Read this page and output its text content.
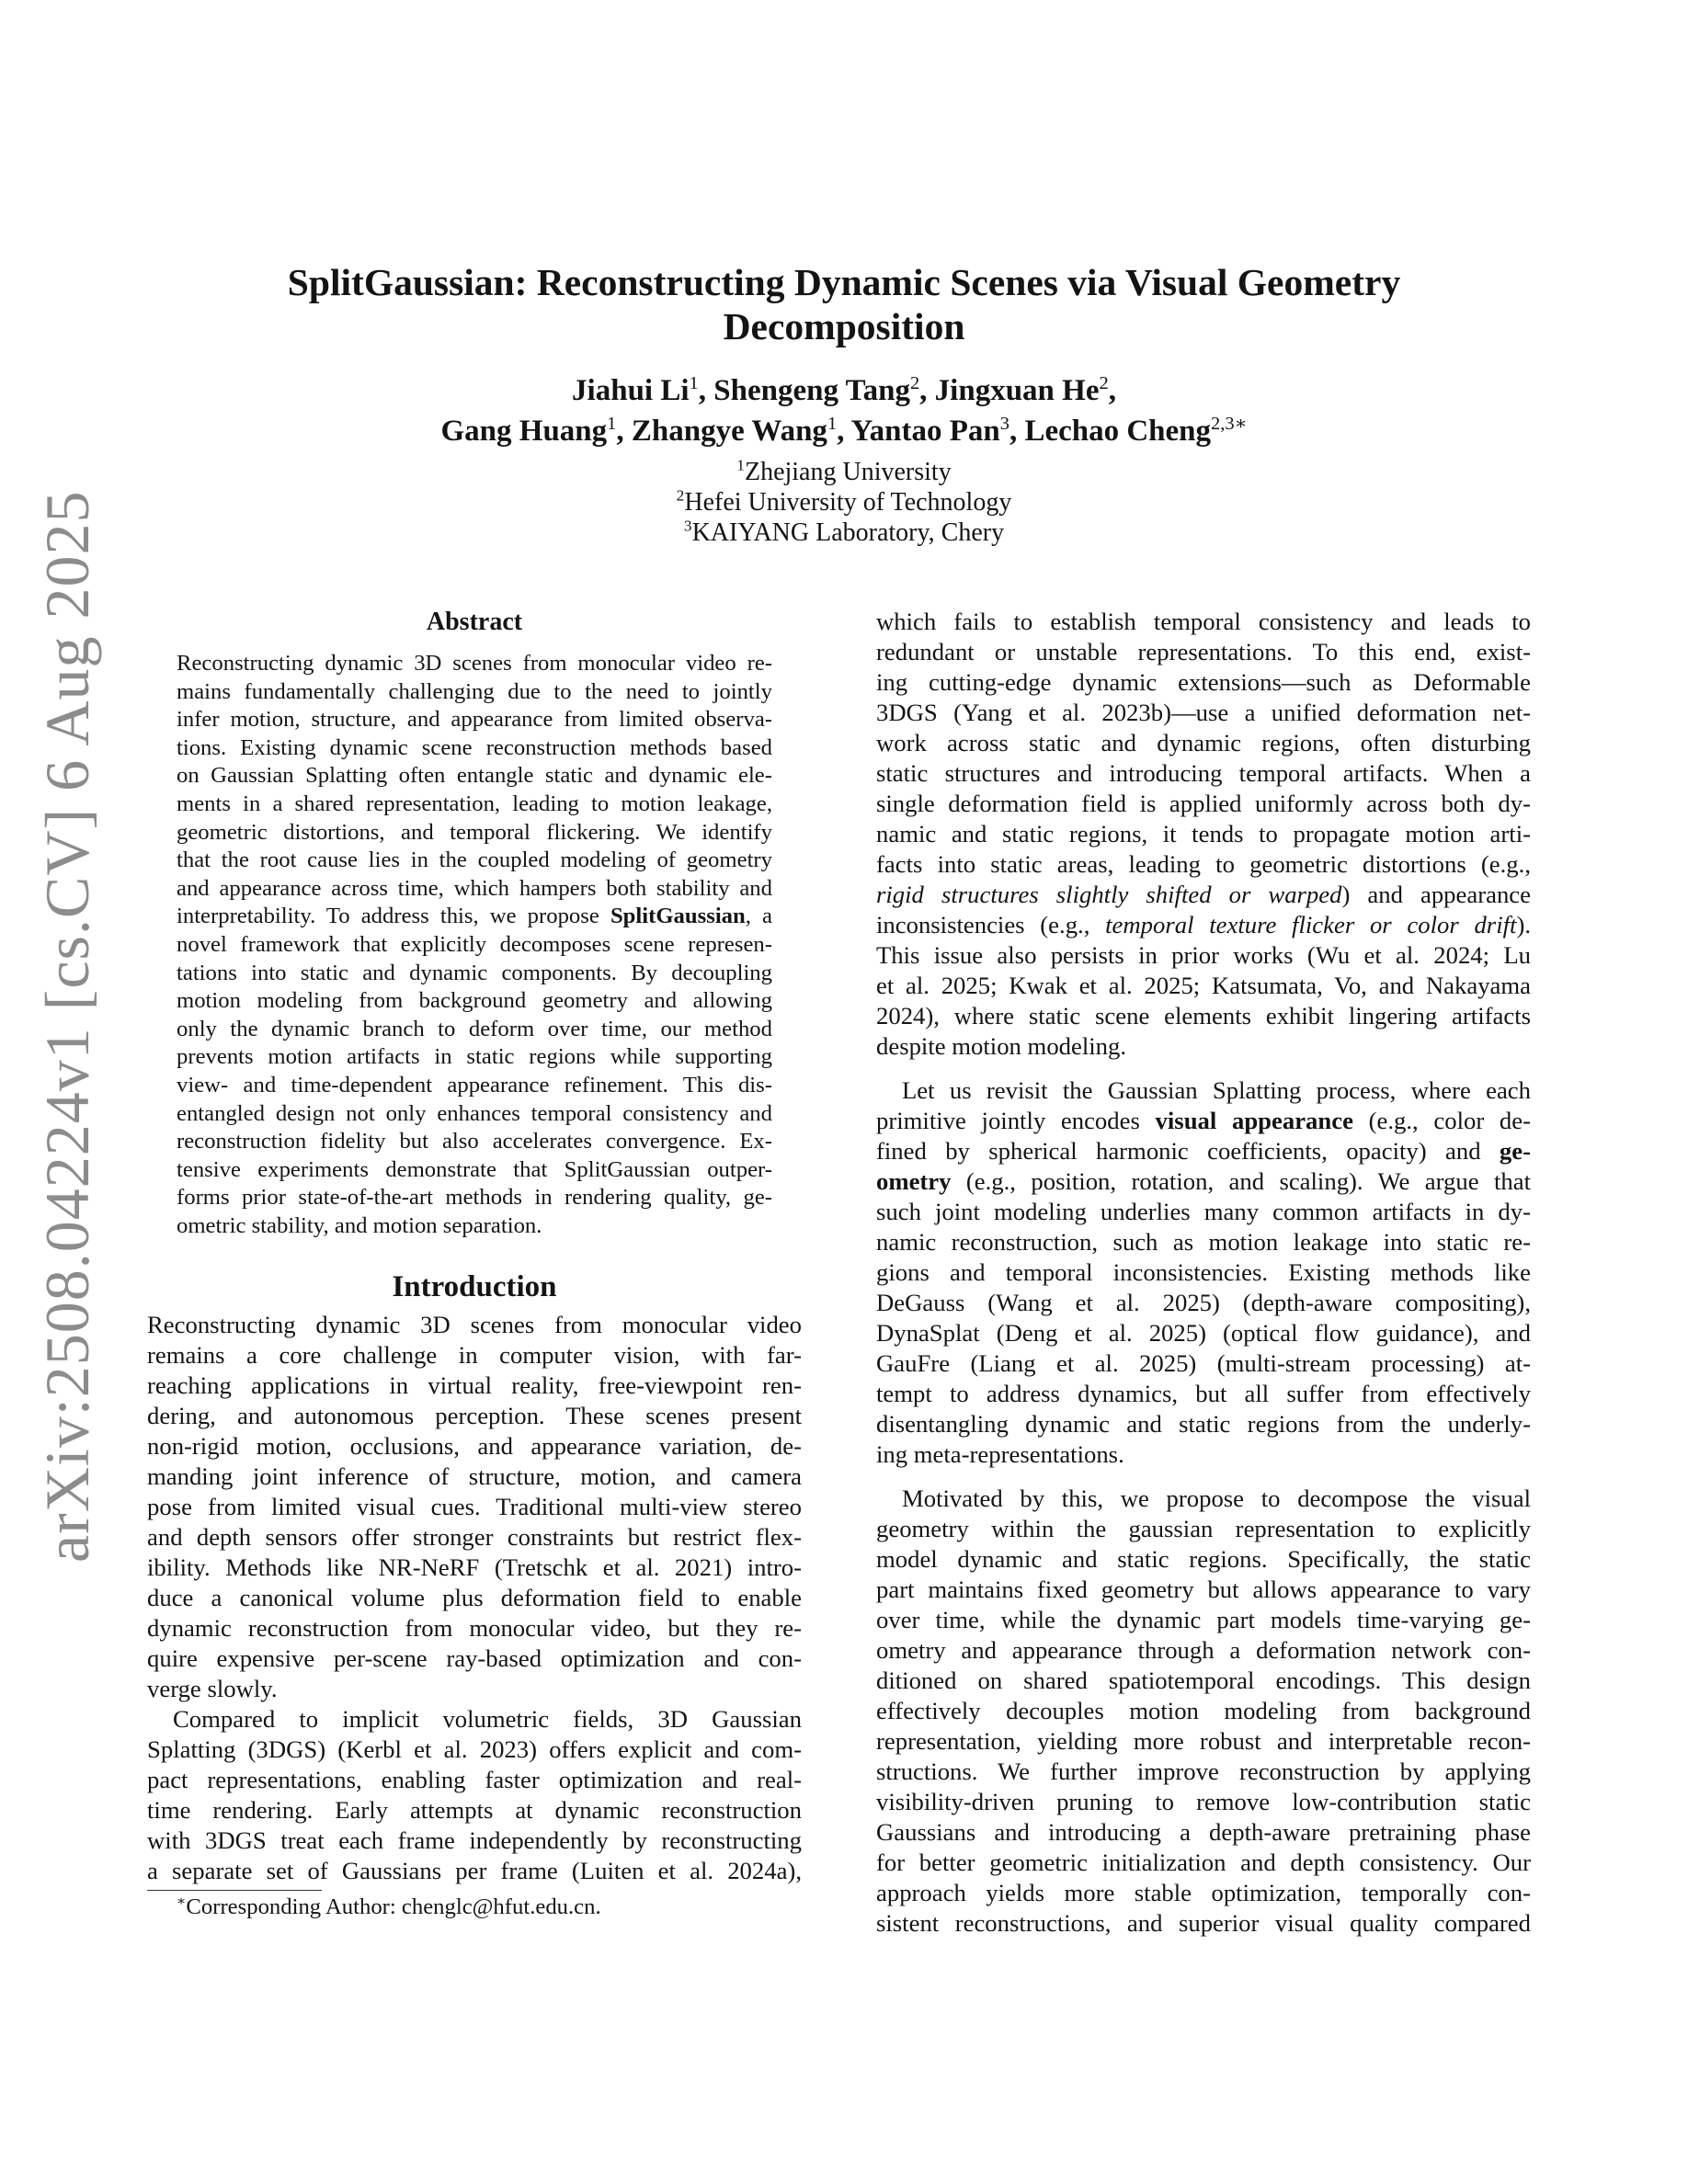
arXiv:2508.04224v1 [cs.CV] 6 Aug 2025
SplitGaussian: Reconstructing Dynamic Scenes via Visual Geometry
Decomposition
Jiahui Li$^1$, Shengeng Tang$^2$, Jingxuan He$^2$,
Gang Huang$^1$, Zhangye Wang$^1$, Yantao Pan$^3$, Lechao Cheng$^{2,3∗}$
$^1$Zhejiang University
$^2$Hefei University of Technology
$^3$KAIYANG Laboratory, Chery
Abstract
Reconstructing dynamic 3D scenes from monocular video re-
mains fundamentally challenging due to the need to jointly
infer motion, structure, and appearance from limited observa-
tions. Existing dynamic scene reconstruction methods based
on Gaussian Splatting often entangle static and dynamic ele-
ments in a shared representation, leading to motion leakage,
geometric distortions, and temporal flickering. We identify
that the root cause lies in the coupled modeling of geometry
and appearance across time, which hampers both stability and
interpretability. To address this, we propose SplitGaussian, a
novel framework that explicitly decomposes scene represen-
tations into static and dynamic components. By decoupling
motion modeling from background geometry and allowing
only the dynamic branch to deform over time, our method
prevents motion artifacts in static regions while supporting
view- and time-dependent appearance refinement. This dis-
entangled design not only enhances temporal consistency and
reconstruction fidelity but also accelerates convergence. Ex-
tensive experiments demonstrate that SplitGaussian outper-
forms prior state-of-the-art methods in rendering quality, ge-
ometric stability, and motion separation.
Introduction
Reconstructing dynamic 3D scenes from monocular video
remains a core challenge in computer vision, with far-
reaching applications in virtual reality, free-viewpoint ren-
dering, and autonomous perception. These scenes present
non-rigid motion, occlusions, and appearance variation, de-
manding joint inference of structure, motion, and camera
pose from limited visual cues. Traditional multi-view stereo
and depth sensors offer stronger constraints but restrict flex-
ibility. Methods like NR-NeRF (Tretschk et al. 2021) intro-
duce a canonical volume plus deformation field to enable
dynamic reconstruction from monocular video, but they re-
quire expensive per-scene ray-based optimization and con-
verge slowly.
Compared to implicit volumetric fields, 3D Gaussian
Splatting (3DGS) (Kerbl et al. 2023) offers explicit and com-
pact representations, enabling faster optimization and real-
time rendering. Early attempts at dynamic reconstruction
with 3DGS treat each frame independently by reconstructing
a separate set of Gaussians per frame (Luiten et al. 2024a),
∗Corresponding Author: chenglc@hfut.edu.cn.

which fails to establish temporal consistency and leads to
redundant or unstable representations. To this end, exist-
ing cutting-edge dynamic extensions—such as Deformable
3DGS (Yang et al. 2023b)—use a unified deformation net-
work across static and dynamic regions, often disturbing
static structures and introducing temporal artifacts. When a
single deformation field is applied uniformly across both dy-
namic and static regions, it tends to propagate motion arti-
facts into static areas, leading to geometric distortions (e.g.,
rigid structures slightly shifted or warped) and appearance
inconsistencies (e.g., temporal texture flicker or color drift).
This issue also persists in prior works (Wu et al. 2024; Lu
et al. 2025; Kwak et al. 2025; Katsumata, Vo, and Nakayama
2024), where static scene elements exhibit lingering artifacts
despite motion modeling.

Let us revisit the Gaussian Splatting process, where each
primitive jointly encodes visual appearance (e.g., color de-
fined by spherical harmonic coefficients, opacity) and ge-
ometry (e.g., position, rotation, and scaling). We argue that
such joint modeling underlies many common artifacts in dy-
namic reconstruction, such as motion leakage into static re-
gions and temporal inconsistencies. Existing methods like
DeGauss (Wang et al. 2025) (depth-aware compositing),
DynaSplat (Deng et al. 2025) (optical flow guidance), and
GauFre (Liang et al. 2025) (multi-stream processing) at-
tempt to address dynamics, but all suffer from effectively
disentangling dynamic and static regions from the underly-
ing meta-representations.

Motivated by this, we propose to decompose the visual
geometry within the gaussian representation to explicitly
model dynamic and static regions. Specifically, the static
part maintains fixed geometry but allows appearance to vary
over time, while the dynamic part models time-varying ge-
ometry and appearance through a deformation network con-
ditioned on shared spatiotemporal encodings. This design
effectively decouples motion modeling from background
representation, yielding more robust and interpretable recon-
structions. We further improve reconstruction by applying
visibility-driven pruning to remove low-contribution static
Gaussians and introducing a depth-aware pretraining phase
for better geometric initialization and depth consistency. Our
approach yields more stable optimization, temporally con-
sistent reconstructions, and superior visual quality compared
